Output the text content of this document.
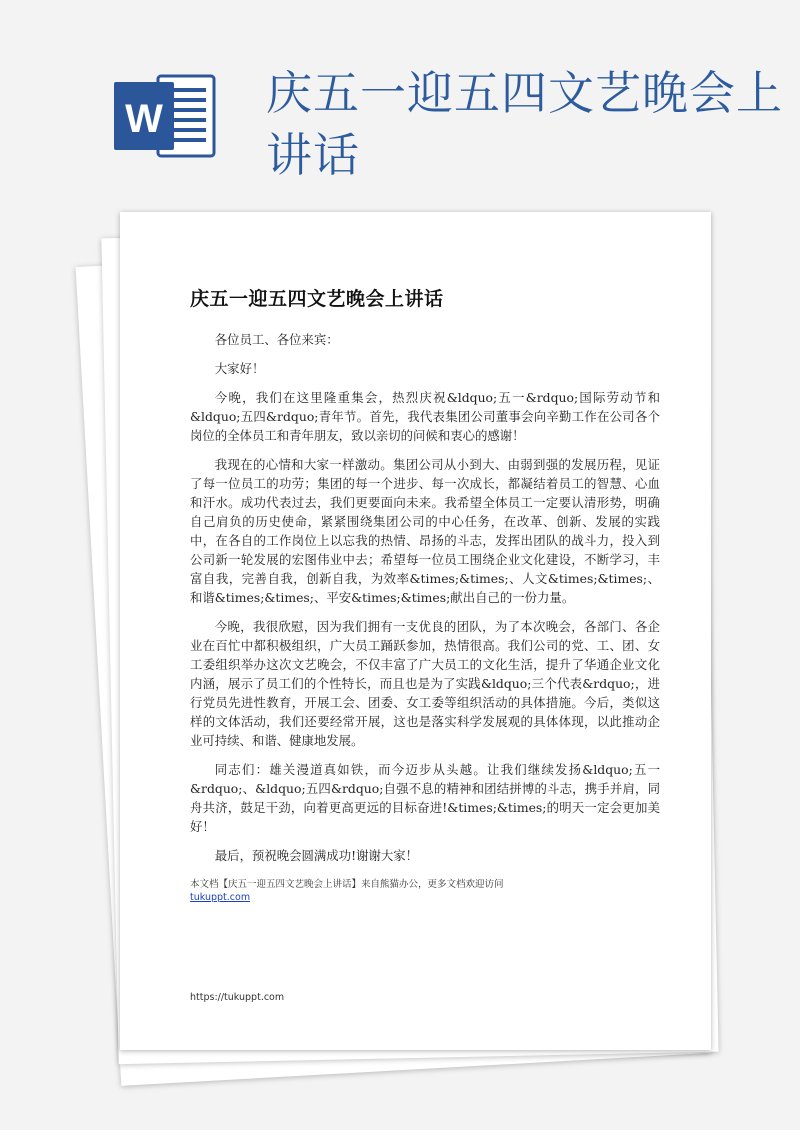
W 庆五一迎五四文艺晚会上讲话
庆五一迎五四文艺晚会上讲话

各位员工、各位来宾：

大家好！

今晚，我们在这里隆重集会，热烈庆祝&ldquo;五一&rdquo;国际劳动节和&ldquo;五四&rdquo;青年节。首先，我代表集团公司董事会向辛勤工作在公司各个岗位的全体员工和青年朋友，致以亲切的问候和衷心的感谢！

我现在的心情和大家一样激动。集团公司从小到大、由弱到强的发展历程，见证了每一位员工的功劳；集团的每一个进步、每一次成长，都凝结着员工的智慧、心血和汗水。成功代表过去，我们更要面向未来。我希望全体员工一定要认清形势，明确自己肩负的历史使命，紧紧围绕集团公司的中心任务，在改革、创新、发展的实践中，在各自的工作岗位上以忘我的热情、昂扬的斗志，发挥出团队的战斗力，投入到公司新一轮发展的宏图伟业中去；希望每一位员工围绕企业文化建设，不断学习，丰富自我，完善自我，创新自我，为效率&times;&times;、人文&times;&times;、和谐&times;&times;、平安&times;&times;献出自己的一份力量。

今晚，我很欣慰，因为我们拥有一支优良的团队，为了本次晚会，各部门、各企业在百忙中都积极组织，广大员工踊跃参加，热情很高。我们公司的党、工、团、女工委组织举办这次文艺晚会，不仅丰富了广大员工的文化生活，提升了华通企业文化内涵，展示了员工们的个性特长，而且也是为了实践&ldquo;三个代表&rdquo;，进行党员先进性教育，开展工会、团委、女工委等组织活动的具体措施。今后，类似这样的文体活动，我们还要经常开展，这也是落实科学发展观的具体体现，以此推动企业可持续、和谐、健康地发展。

同志们：雄关漫道真如铁，而今迈步从头越。让我们继续发扬&ldquo;五一&rdquo;、&ldquo;五四&rdquo;自强不息的精神和团结拼博的斗志，携手并肩，同舟共济，鼓足干劲，向着更高更远的目标奋进!&times;&times;的明天一定会更加美好！

最后，预祝晚会圆满成功!谢谢大家！

本文档【庆五一迎五四文艺晚会上讲话】来自熊猫办公，更多文档欢迎访问
tukuppt.com
https://tukuppt.com
